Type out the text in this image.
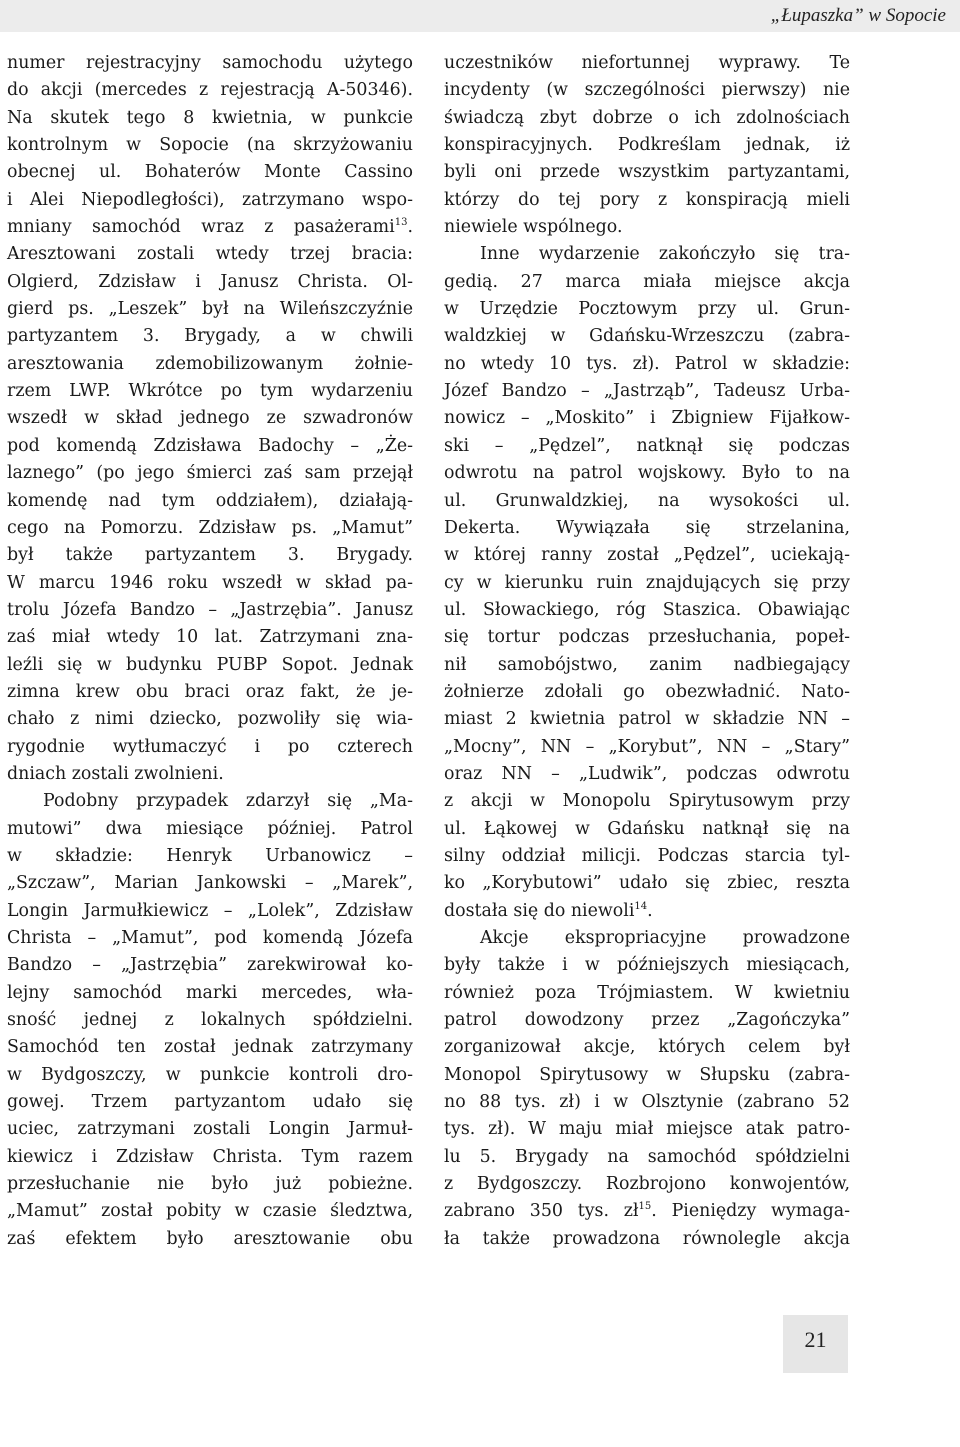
„Łupaszka” w Sopocie
numer rejestracyjny samochodu użytego
do akcji (mercedes z rejestracją A-50346).
Na skutek tego 8 kwietnia, w punkcie
kontrolnym w Sopocie (na skrzyżowaniu
obecnej ul. Bohaterów Monte Cassino
i Alei Niepodległości), zatrzymano wspo-
mniany samochód wraz z pasażerami$^{13}$.
Aresztowani zostali wtedy trzej bracia:
Olgierd, Zdzisław i Janusz Christa. Ol-
gierd ps. „Leszek” był na Wileńszczyźnie
partyzantem 3. Brygady, a w chwili
aresztowania zdemobilizowanym żołnie-
rzem LWP. Wkrótce po tym wydarzeniu
wszedł w skład jednego ze szwadronów
pod komendą Zdzisława Badochy – „Że-
laznego” (po jego śmierci zaś sam przejął
komendę nad tym oddziałem), działają-
cego na Pomorzu. Zdzisław ps. „Mamut”
był także partyzantem 3. Brygady.
W marcu 1946 roku wszedł w skład pa-
trolu Józefa Bandzo – „Jastrzębia”. Janusz
zaś miał wtedy 10 lat. Zatrzymani zna-
leźli się w budynku PUBP Sopot. Jednak
zimna krew obu braci oraz fakt, że je-
chało z nimi dziecko, pozwoliły się wia-
rygodnie wytłumaczyć i po czterech
dniach zostali zwolnieni.
Podobny przypadek zdarzył się „Ma-
mutowi” dwa miesiące później. Patrol
w składzie: Henryk Urbanowicz –
„Szczaw”, Marian Jankowski – „Marek”,
Longin Jarmułkiewicz – „Lolek”, Zdzisław
Christa – „Mamut”, pod komendą Józefa
Bandzo – „Jastrzębia” zarekwirował ko-
lejny samochód marki mercedes, wła-
sność jednej z lokalnych spółdzielni.
Samochód ten został jednak zatrzymany
w Bydgoszczy, w punkcie kontroli dro-
gowej. Trzem partyzantom udało się
uciec, zatrzymani zostali Longin Jarmuł-
kiewicz i Zdzisław Christa. Tym razem
przesłuchanie nie było już pobieżne.
„Mamut” został pobity w czasie śledztwa,
zaś efektem było aresztowanie obu
uczestników niefortunnej wyprawy. Te
incydenty (w szczególności pierwszy) nie
świadczą zbyt dobrze o ich zdolnościach
konspiracyjnych. Podkreślam jednak, iż
byli oni przede wszystkim partyzantami,
którzy do tej pory z konspiracją mieli
niewiele wspólnego.
Inne wydarzenie zakończyło się tra-
gedią. 27 marca miała miejsce akcja
w Urzędzie Pocztowym przy ul. Grun-
waldzkiej w Gdańsku-Wrzeszczu (zabra-
no wtedy 10 tys. zł). Patrol w składzie:
Józef Bandzo – „Jastrząb”, Tadeusz Urba-
nowicz – „Moskito” i Zbigniew Fijałkow-
ski – „Pędzel”, natknął się podczas
odwrotu na patrol wojskowy. Było to na
ul. Grunwaldzkiej, na wysokości ul.
Dekerta. Wywiązała się strzelanina,
w której ranny został „Pędzel”, uciekają-
cy w kierunku ruin znajdujących się przy
ul. Słowackiego, róg Staszica. Obawiając
się tortur podczas przesłuchania, popeł-
nił samobójstwo, zanim nadbiegający
żołnierze zdołali go obezwładnić. Nato-
miast 2 kwietnia patrol w składzie NN –
„Mocny”, NN – „Korybut”, NN – „Stary”
oraz NN – „Ludwik”, podczas odwrotu
z akcji w Monopolu Spirytusowym przy
ul. Łąkowej w Gdańsku natknął się na
silny oddział milicji. Podczas starcia tyl-
ko „Korybutowi” udało się zbiec, reszta
dostała się do niewoli$^{14}$.
Akcje ekspropriacyjne prowadzone
były także i w późniejszych miesiącach,
również poza Trójmiastem. W kwietniu
patrol dowodzony przez „Zagończyka”
zorganizował akcje, których celem był
Monopol Spirytusowy w Słupsku (zabra-
no 88 tys. zł) i w Olsztynie (zabrano 52
tys. zł). W maju miał miejsce atak patro-
lu 5. Brygady na samochód spółdzielni
z Bydgoszczy. Rozbrojono konwojentów,
zabrano 350 tys. $zł^{15}$. Pieniędzy wymaga-
ła także prowadzona równolegle akcja
21
